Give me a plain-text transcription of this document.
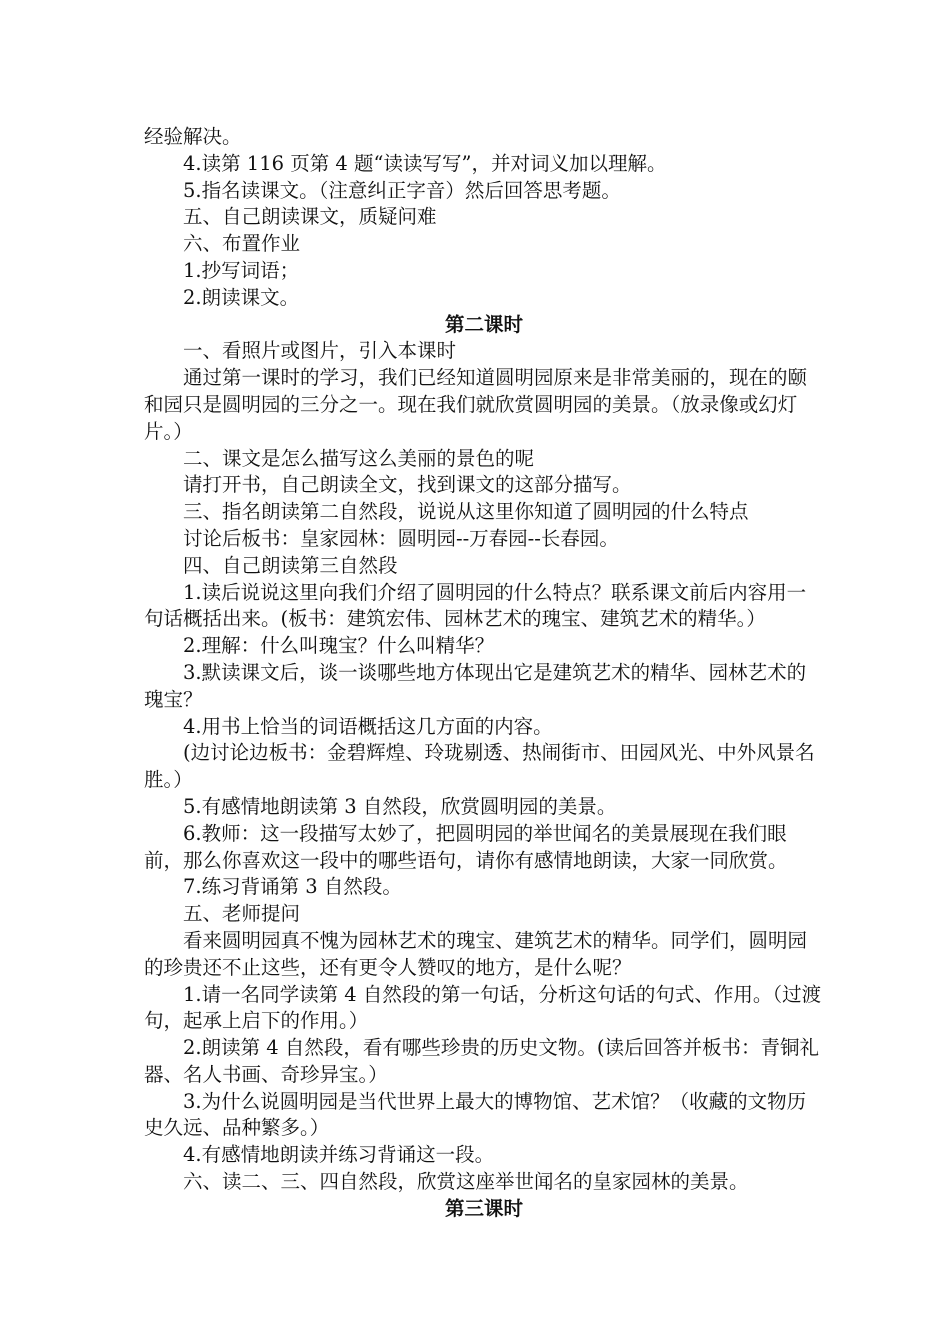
经验解决。

4.读第 116 页第 4 题“读读写写”，并对词义加以理解。

5.指名读课文。（注意纠正字音）然后回答思考题。

五、自己朗读课文，质疑问难

六、布置作业

1.抄写词语；

2.朗读课文。

第二课时

一、看照片或图片，引入本课时

通过第一课时的学习，我们已经知道圆明园原来是非常美丽的，现在的颐和园只是圆明园的三分之一。现在我们就欣赏圆明园的美景。（放录像或幻灯片。）

二、课文是怎么描写这么美丽的景色的呢

请打开书，自己朗读全文，找到课文的这部分描写。

三、指名朗读第二自然段，说说从这里你知道了圆明园的什么特点

讨论后板书：皇家园林：圆明园--万春园--长春园。

四、自己朗读第三自然段

1.读后说说这里向我们介绍了圆明园的什么特点？联系课文前后内容用一句话概括出来。(板书：建筑宏伟、园林艺术的瑰宝、建筑艺术的精华。）

2.理解：什么叫瑰宝？什么叫精华？

3.默读课文后，谈一谈哪些地方体现出它是建筑艺术的精华、园林艺术的瑰宝？

4.用书上恰当的词语概括这几方面的内容。

(边讨论边板书：金碧辉煌、玲珑剔透、热闹街市、田园风光、中外风景名胜。）

5.有感情地朗读第 3 自然段，欣赏圆明园的美景。

6.教师：这一段描写太妙了，把圆明园的举世闻名的美景展现在我们眼前，那么你喜欢这一段中的哪些语句，请你有感情地朗读，大家一同欣赏。

7.练习背诵第 3 自然段。

五、老师提问

看来圆明园真不愧为园林艺术的瑰宝、建筑艺术的精华。同学们，圆明园的珍贵还不止这些，还有更令人赞叹的地方，是什么呢？

1.请一名同学读第 4 自然段的第一句话，分析这句话的句式、作用。（过渡句，起承上启下的作用。）

2.朗读第 4 自然段，看有哪些珍贵的历史文物。(读后回答并板书：青铜礼器、名人书画、奇珍异宝。）

3.为什么说圆明园是当代世界上最大的博物馆、艺术馆？（收藏的文物历史久远、品种繁多。）

4.有感情地朗读并练习背诵这一段。

六、读二、三、四自然段，欣赏这座举世闻名的皇家园林的美景。

第三课时
